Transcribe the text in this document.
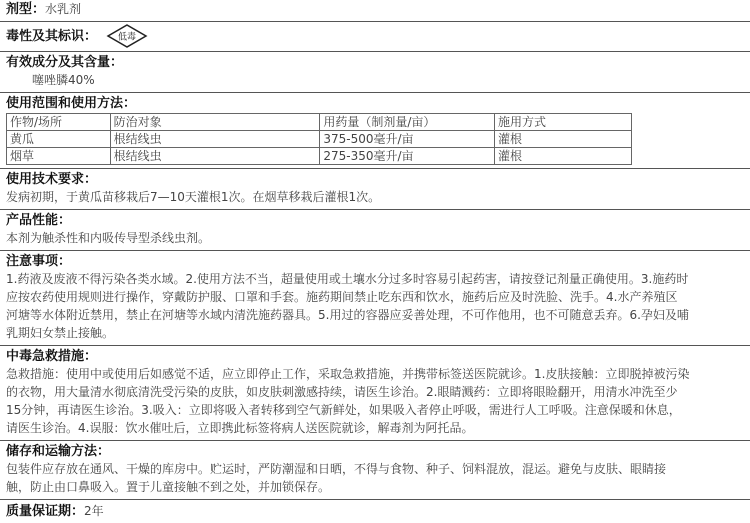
剂型： 水乳剂
毒性及其标识： 低毒
有效成分及其含量：
噻唑膦40%
使用范围和使用方法：
作物/场所	防治对象	用药量（制剂量/亩）	施用方式
黄瓜	根结线虫	375-500毫升/亩	灌根
烟草	根结线虫	275-350毫升/亩	灌根
使用技术要求：
发病初期，于黄瓜苗移栽后7—10天灌根1次。在烟草移栽后灌根1次。
产品性能：
本剂为触杀性和内吸传导型杀线虫剂。
注意事项：
1.药液及废液不得污染各类水域。2.使用方法不当，超量使用或土壤水分过多时容易引起药害，请按登记剂量正确使用。3.施药时
应按农药使用规则进行操作，穿戴防护服、口罩和手套。施药期间禁止吃东西和饮水，施药后应及时洗脸、洗手。4.水产养殖区
河塘等水体附近禁用，禁止在河塘等水域内清洗施药器具。5.用过的容器应妥善处理，不可作他用，也不可随意丢弃。6.孕妇及哺
乳期妇女禁止接触。
中毒急救措施：
急救措施：使用中或使用后如感觉不适，应立即停止工作，采取急救措施，并携带标签送医院就诊。1.皮肤接触：立即脱掉被污染
的衣物，用大量清水彻底清洗受污染的皮肤，如皮肤刺激感持续，请医生诊治。2.眼睛溅药：立即将眼睑翻开，用清水冲洗至少
15分钟，再请医生诊治。3.吸入：立即将吸入者转移到空气新鲜处，如果吸入者停止呼吸，需进行人工呼吸。注意保暖和休息，
请医生诊治。4.误服：饮水催吐后，立即携此标签将病人送医院就诊，解毒剂为阿托品。
储存和运输方法：
包装件应存放在通风、干燥的库房中。贮运时，严防潮湿和日晒，不得与食物、种子、饲料混放，混运。避免与皮肤、眼睛接
触，防止由口鼻吸入。置于儿童接触不到之处，并加锁保存。
质量保证期： 2年
